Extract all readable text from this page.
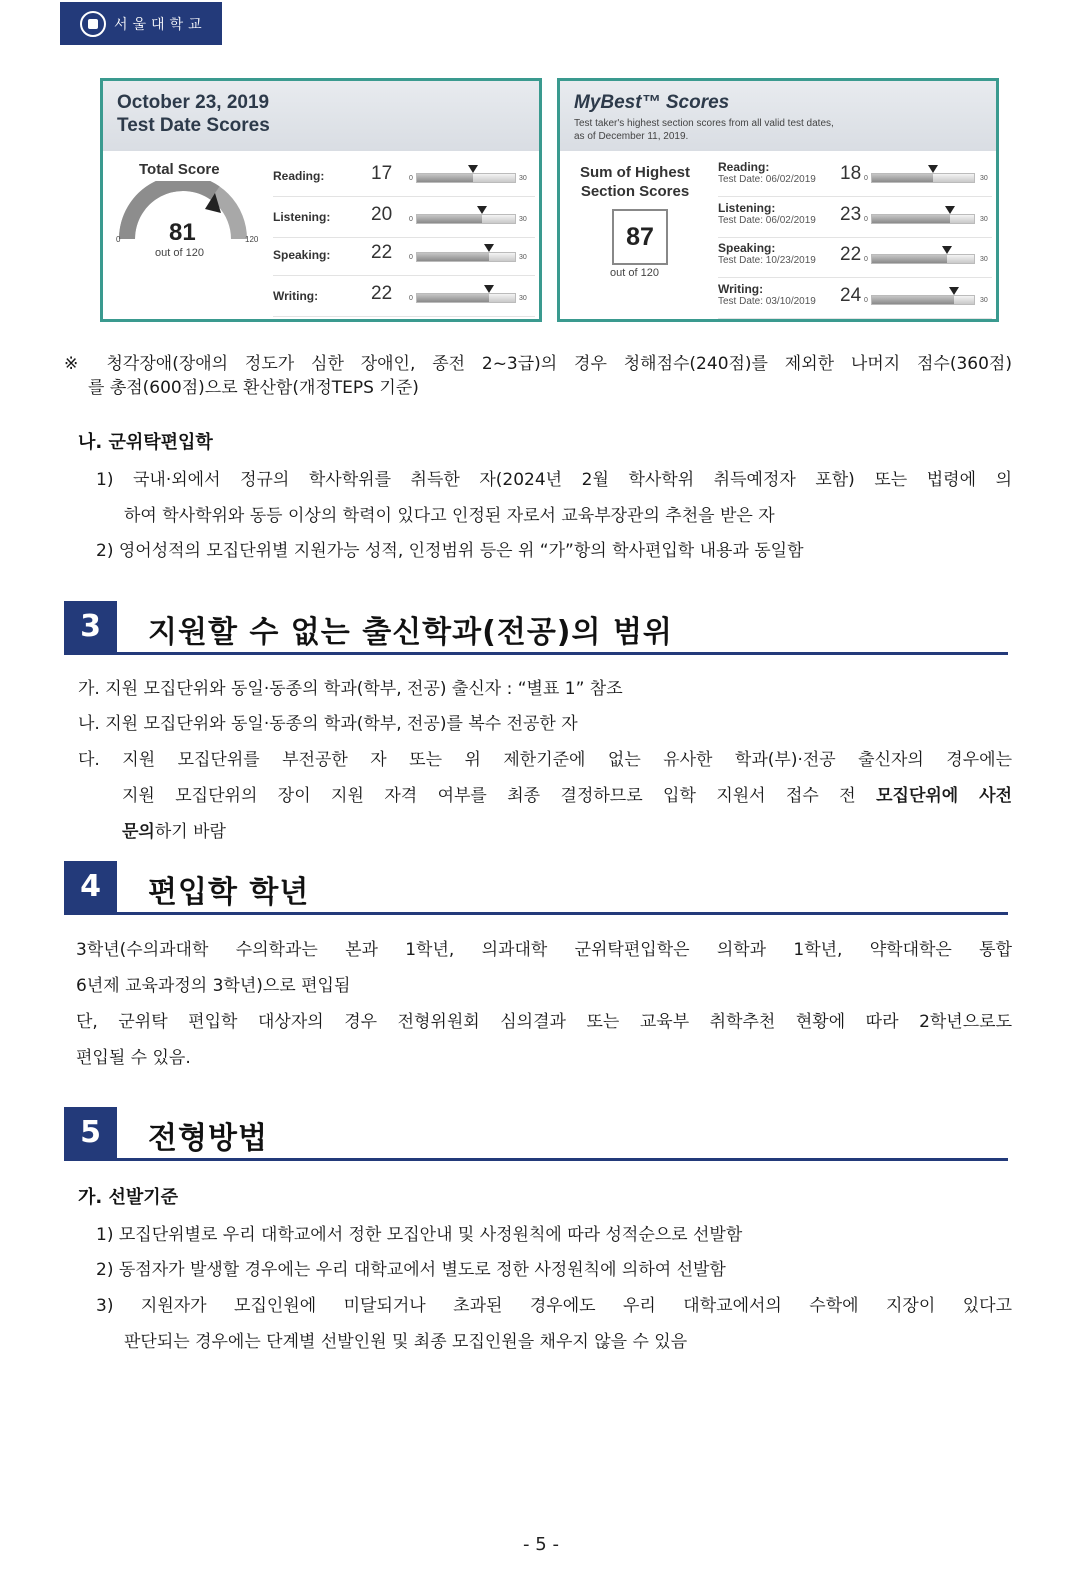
서울대학교
October 23, 2019
Test Date Scores
Total Score
0 81	120
out of 120
Reading: 17 0	30
Listening: 20 0	30
Speaking: 22 0	30
Writing:	22 0	30
MyBest™ Scores
Test taker's highest section scores from all valid test dates,
as of December 11, 2019.
Sum of Highest
Section Scores
87
out of 120
Reading:
Test Date: 06/02/2019 18 0	30
Listening:
Test Date: 06/02/2019 23 0	30
Speaking:
Test Date: 10/23/2019 22 0	30
Writing:
Test Date: 03/10/2019 24 0	30
※ 청각장애(장애의 정도가 심한 장애인, 종전 2~3급)의 경우 청해점수(240점)를 제외한 나머지 점수(360점)
를 총점(600점)으로 환산함(개정TEPS 기준)
나. 군위탁편입학
1) 국내·외에서 정규의 학사학위를 취득한 자(2024년 2월 학사학위 취득예정자 포함) 또는 법령에 의
하여 학사학위와 동등 이상의 학력이 있다고 인정된 자로서 교육부장관의 추천을 받은 자
2) 영어성적의 모집단위별 지원가능 성적, 인정범위 등은 위 “가”항의 학사편입학 내용과 동일함
3	지원할 수 없는 출신학과(전공)의 범위
가. 지원 모집단위와 동일·동종의 학과(학부, 전공) 출신자 : “별표 1” 참조
나. 지원 모집단위와 동일·동종의 학과(학부, 전공)를 복수 전공한 자
다. 지원 모집단위를 부전공한 자 또는 위 제한기준에 없는 유사한 학과(부)·전공 출신자의 경우에는
지원 모집단위의 장이 지원 자격 여부를 최종 결정하므로 입학 지원서 접수 전 모집단위에 사전
문의하기 바람
4	편입학 학년
3학년(수의과대학 수의학과는 본과 1학년, 의과대학 군위탁편입학은 의학과 1학년, 약학대학은 통합
6년제 교육과정의 3학년)으로 편입됨
단, 군위탁 편입학 대상자의 경우 전형위원회 심의결과 또는 교육부 취학추천 현황에 따라 2학년으로도
편입될 수 있음.
5	전형방법
가. 선발기준
1) 모집단위별로 우리 대학교에서 정한 모집안내 및 사정원칙에 따라 성적순으로 선발함
2) 동점자가 발생할 경우에는 우리 대학교에서 별도로 정한 사정원칙에 의하여 선발함
3) 지원자가 모집인원에 미달되거나 초과된 경우에도 우리 대학교에서의 수학에 지장이 있다고
판단되는 경우에는 단계별 선발인원 및 최종 모집인원을 채우지 않을 수 있음
- 5 -
